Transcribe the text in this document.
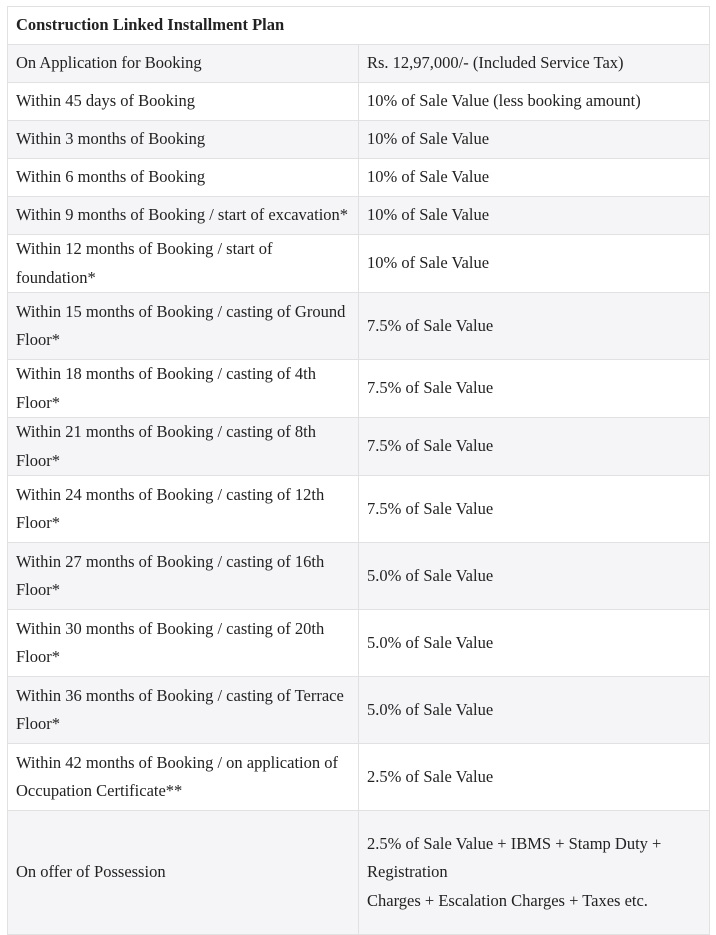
Construction Linked Installment Plan	
On Application for Booking	Rs. 12,97,000/- (Included Service Tax)
Within 45 days of Booking	10% of Sale Value (less booking amount)
Within 3 months of Booking	10% of Sale Value
Within 6 months of Booking	10% of Sale Value
Within 9 months of Booking / start of excavation*	10% of Sale Value
Within 12 months of Booking / start of foundation*	10% of Sale Value
Within 15 months of Booking / casting of Ground Floor*	7.5% of Sale Value
Within 18 months of Booking / casting of 4th Floor*	7.5% of Sale Value
Within 21 months of Booking / casting of 8th Floor*	7.5% of Sale Value
Within 24 months of Booking / casting of 12th Floor*	7.5% of Sale Value
Within 27 months of Booking / casting of 16th Floor*	5.0% of Sale Value
Within 30 months of Booking / casting of 20th Floor*	5.0% of Sale Value
Within 36 months of Booking / casting of Terrace Floor*	5.0% of Sale Value
Within 42 months of Booking / on application of Occupation Certificate**	2.5% of Sale Value
On offer of Possession	2.5% of Sale Value + IBMS + Stamp Duty + Registration
Charges + Escalation Charges + Taxes etc.
